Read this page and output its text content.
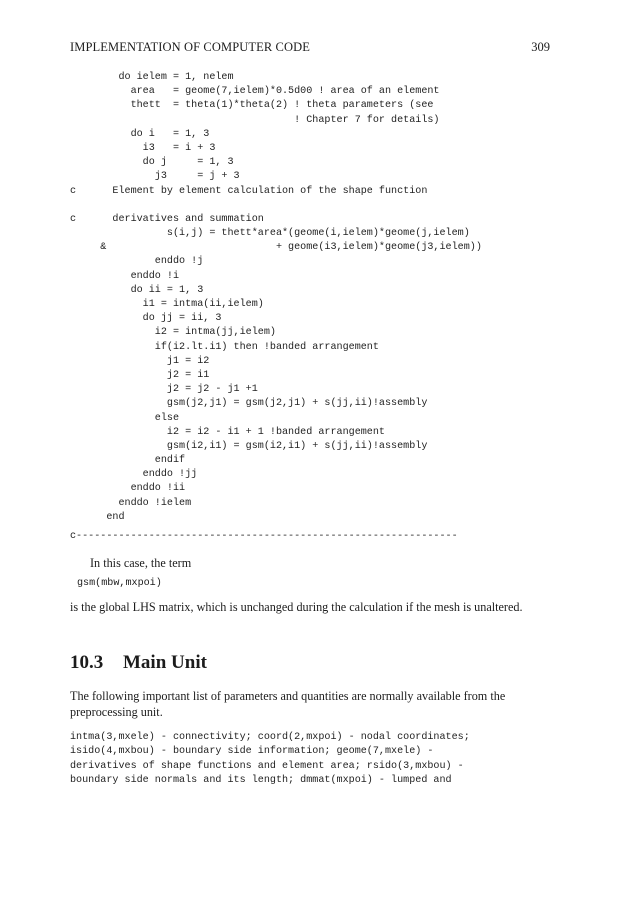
IMPLEMENTATION OF COMPUTER CODE	309
do ielem = 1, nelem
area   = geome(7,ielem)*0.5d00 ! area of an element
thett  = theta(1)*theta(2) ! theta parameters (see
! Chapter 7 for details)
do i   = 1, 3
i3   = i + 3
do j     = 1, 3
j3     = j + 3
c      Element by element calculation of the shape function
c      derivatives and summation
s(i,j) = thett*area*(geome(i,ielem)*geome(j,ielem)
&                            + geome(i3,ielem)*geome(j3,ielem))
enddo !j
enddo !i
do ii = 1, 3
i1 = intma(ii,ielem)
do jj = ii, 3
i2 = intma(jj,ielem)
if(i2.lt.i1) then !banded arrangement
j1 = i2
j2 = i1
j2 = j2 - j1 +1
gsm(j2,j1) = gsm(j2,j1) + s(jj,ii)!assembly
else
i2 = i2 - i1 + 1 !banded arrangement
gsm(i2,i1) = gsm(i2,i1) + s(jj,ii)!assembly
endif
enddo !jj
enddo !ii
enddo !ielem
end
c---------------------------------------------------------------
In this case, the term
gsm(mbw,mxpoi)
is the global LHS matrix, which is unchanged during the calculation if the mesh is unaltered.
10.3 Main Unit
The following important list of parameters and quantities are normally available from the preprocessing unit.
intma(3,mxele) - connectivity; coord(2,mxpoi) - nodal coordinates;
isido(4,mxbou) - boundary side information; geome(7,mxele) -
derivatives of shape functions and element area; rsido(3,mxbou) -
boundary side normals and its length; dmmat(mxpoi) - lumped and
